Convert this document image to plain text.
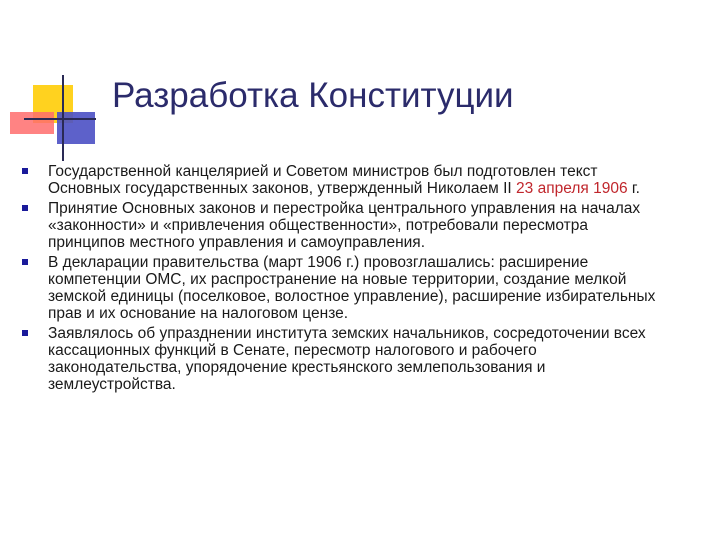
Разработка Конституции
Государственной канцелярией и Советом министров был подготовлен текст Основных государственных законов, утвержденный Николаем II 23 апреля 1906 г.
Принятие Основных законов и перестройка центрального управления на началах «законности» и «привлечения общественности», потребовали пересмотра принципов местного управления и самоуправления.
В декларации правительства (март 1906 г.) провозглашались: расширение компетенции ОМС, их распространение на новые территории, создание мелкой земской единицы (поселковое, волостное управление), расширение избирательных прав и их основание на налоговом цензе.
Заявлялось об упразднении института земских начальников, сосредоточении всех кассационных функций в Сенате, пересмотр налогового и рабочего законодательства, упорядочение крестьянского землепользования и землеустройства.
